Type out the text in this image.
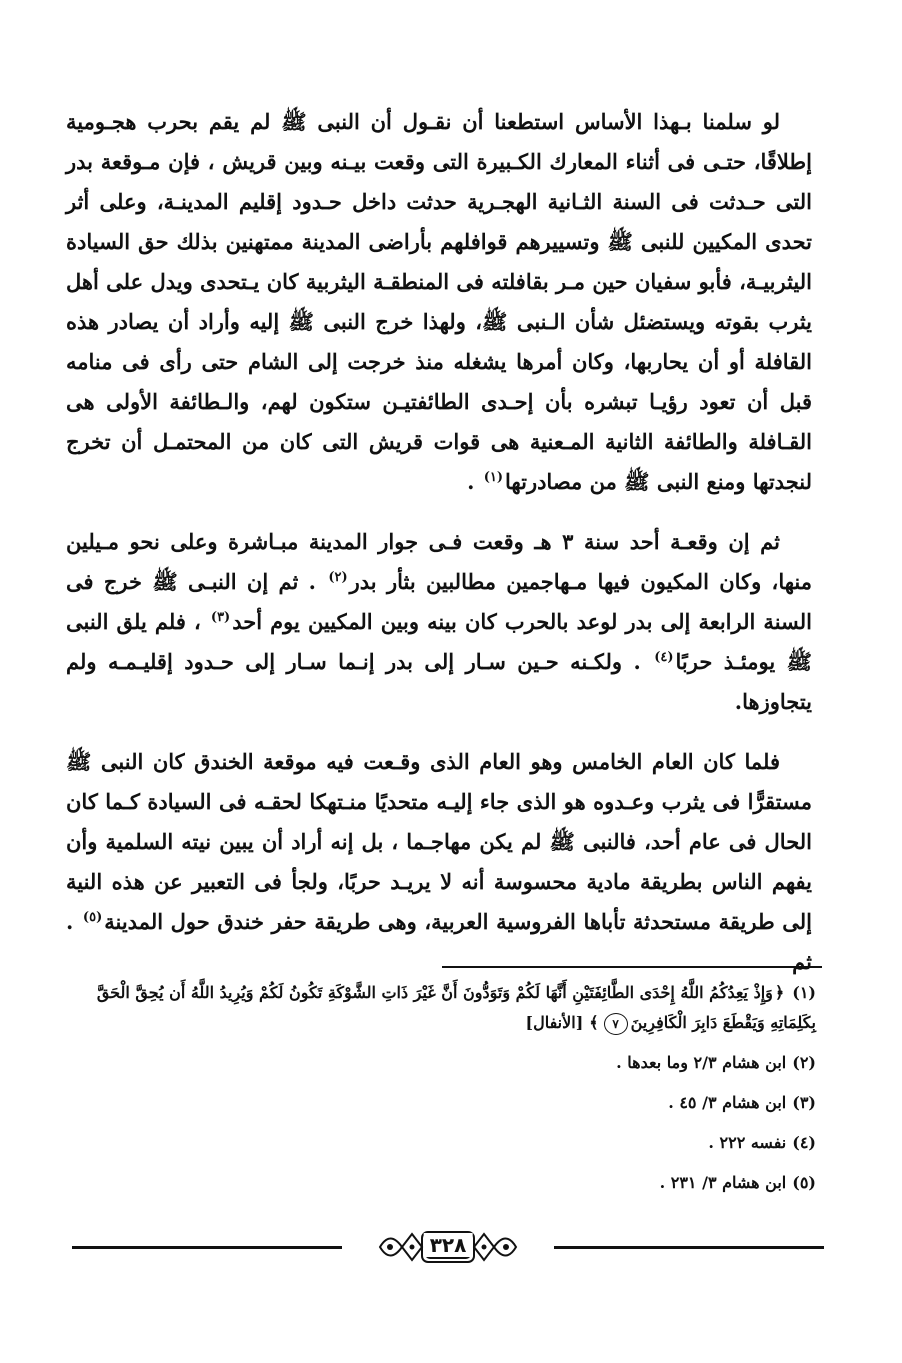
لو سلمنا بـهذا الأساس استطعنا أن نقـول أن النبى ﷺ لم يقم بحرب هجـومية إطلاقًا، حتـى فى أثناء المعارك الكـبيرة التى وقعت بيـنه وبين قريش ، فإن مـوقعة بدر التى حـدثت فى السنة الثـانية الهجـرية حدثت داخل حـدود إقليم المدينـة، وعلى أثر تحدى المكيين للنبى ﷺ وتسييرهم قوافلهم بأراضى المدينة ممتهنين بذلك حق السيادة اليثربيـة، فأبو سفيان حين مـر بقافلته فى المنطقـة اليثربية كان يـتحدى ويدل على أهل يثرب بقوته ويستضئل شأن الـنبى ﷺ، ولهذا خرج النبى ﷺ إليه وأراد أن يصادر هذه القافلة أو أن يحاربها، وكان أمرها يشغله منذ خرجت إلى الشام حتى رأى فى منامه قبل أن تعود رؤيـا تبشره بأن إحـدى الطائفتيـن ستكون لهم، والـطائفة الأولى هى القـافلة والطائفة الثانية المـعنية هى قوات قريش التى كان من المحتمـل أن تخرج لنجدتها ومنع النبى ﷺ من مصادرتها$^{(١)}$ .

ثم إن وقعـة أحد سنة ٣ هـ وقعت فـى جوار المدينة مبـاشرة وعلى نحو مـيلين منها، وكان المكيون فيها مـهاجمين مطالبين بثأر بدر$^{(٢)}$ . ثم إن النبـى ﷺ خرج فى السنة الرابعة إلى بدر لوعد بالحرب كان بينه وبين المكيين يوم أحد$^{(٣)}$ ، فلم يلق النبى ﷺ يومئـذ حربًا$^{(٤)}$ . ولكـنه حـين سـار إلى بدر إنـما سـار إلى حـدود إقليـمـه ولم يتجاوزها.

فلما كان العام الخامس وهو العام الذى وقـعت فيه موقعة الخندق كان النبى ﷺ مستقرًّا فى يثرب وعـدوه هو الذى جاء إليـه متحديًا منـتهكا لحقـه فى السيادة كـما كان الحال فى عام أحد، فالنبى ﷺ لم يكن مهاجـما ، بل إنه أراد أن يبين نيته السلمية وأن يفهم الناس بطريقة مادية محسوسة أنه لا يريـد حربًا، ولجأ فى التعبير عن هذه النية إلى طريقة مستحدثة تأباها الفروسية العربية، وهى طريقة حفر خندق حول المدينة$^{(٥)}$ . ثم

(١)﴿وَإِذْ يَعِدُكُمُ اللَّهُ إِحْدَى الطَّائِفَتَيْنِ أَنَّهَا لَكُمْ وَتَوَدُّونَ أَنَّ غَيْرَ ذَاتِ الشَّوْكَةِ تَكُونُ لَكُمْ وَيُرِيدُ اللَّهُ أَن يُحِقَّ الْحَقَّ بِكَلِمَاتِهِ وَيَقْطَعَ دَابِرَ الْكَافِرِينَ٧﴾[الأنفال]

(٢)ابن هشام ٢/٣ وما بعدها .

(٣)ابن هشام ٣/ ٤٥ .

(٤)نفسه ٢٢٢ .

(٥)ابن هشام ٣/ ٢٣١ .

٣٢٨
